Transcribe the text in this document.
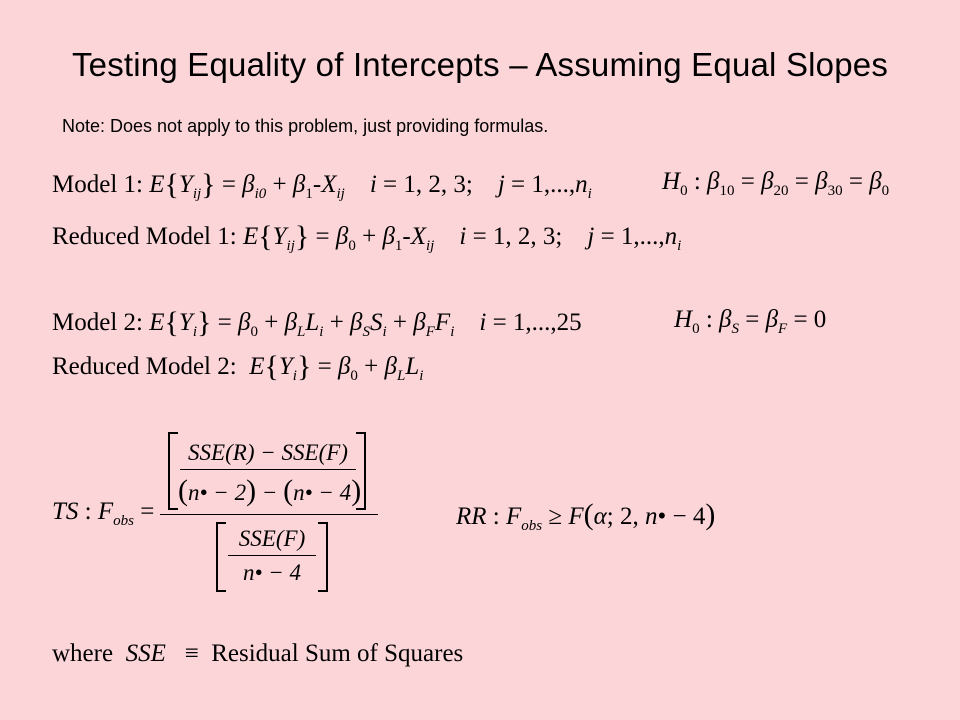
Testing Equality of Intercepts – Assuming Equal Slopes
Note: Does not apply to this problem, just providing formulas.
Model 1: $E\{Y_{ij}\} = \beta_{i0} + \beta_1-X_{ij}$ i = 1, 2, 3;    $j = 1,...,n_i$	$H_0$ : $\beta_{10} = \beta_{20} = \beta_{30} = \beta_0$
Reduced Model 1: $E\{Y_{ij}\} = \beta_0 + \beta_1-X_{ij}$ i = 1, 2, 3;    $j = 1,...,n_i$
Model 2: $E\{Y_i\} = \beta_0 + \beta_LL_i + \beta_SS_i + \beta_FF_i$ i = 1,...,25	$H_0$ : $\beta_S = \beta_F = 0$
Reduced Model 2:  $E\{Y_i\} = \beta_0 + \beta_LL_i$
TS : $F_{obs}$ =
SSE(R) − SSE(F)
(n• − 2) − (n• − 4)
SSE(F)
n• − 4
RR : $F_{obs} \ge F(\alpha$; 2, n• − 4)
where  SSE   ≡  Residual Sum of Squares
